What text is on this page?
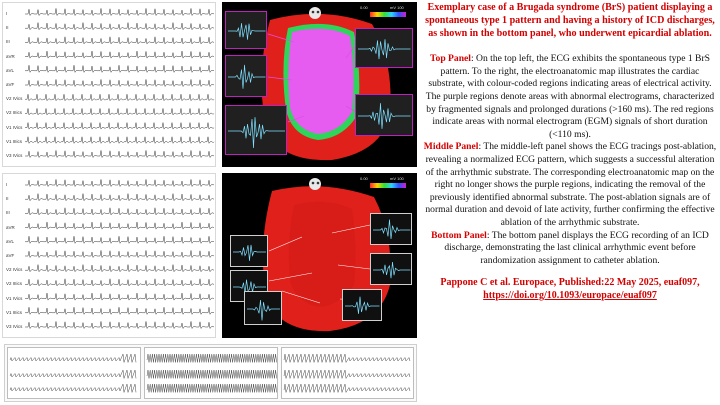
I
II
III
aVR
aVL
aVF
V2 IVics
V2 IIIics
V1 IVics
V1 IIIics
V3 IVics
I
II
III
aVR
aVL
aVF
V2 IVics
V2 IIIics
V1 IVics
V1 IIIics
V3 IVics
0.00	mV 100
0.00	mV 100
Exemplary case of a Brugada syndrome (BrS) patient displaying a spontaneous type 1 pattern and having a history of ICD discharges, as shown in the bottom panel, who underwent epicardial ablation.

Top Panel: On the top left, the ECG exhibits the spontaneous type 1 BrS pattern. To the right, the electroanatomic map illustrates the cardiac substrate, with colour-coded regions indicating areas of electrical activity. The purple regions denote areas with abnormal electrograms, characterized by fragmented signals and prolonged durations (>160 ms). The red regions indicate areas with normal electrogram (EGM) signals of short duration (<110 ms).

Middle Panel: The middle-left panel shows the ECG tracings post-ablation, revealing a normalized ECG pattern, which suggests a successful alteration of the arrhythmic substrate. The corresponding electroanatomic map on the right no longer shows the purple regions, indicating the removal of the previously identified abnormal substrate. The post-ablation signals are of normal duration and devoid of late activity, further confirming the effective ablation of the arrhythmic substrate.

Bottom Panel: The bottom panel displays the ECG recording of an ICD discharge, demonstrating the last clinical arrhythmic event before randomization assignment to catheter ablation.

Pappone C et al. Europace, Published:22 May 2025, euaf097,
https://doi.org/10.1093/europace/euaf097
